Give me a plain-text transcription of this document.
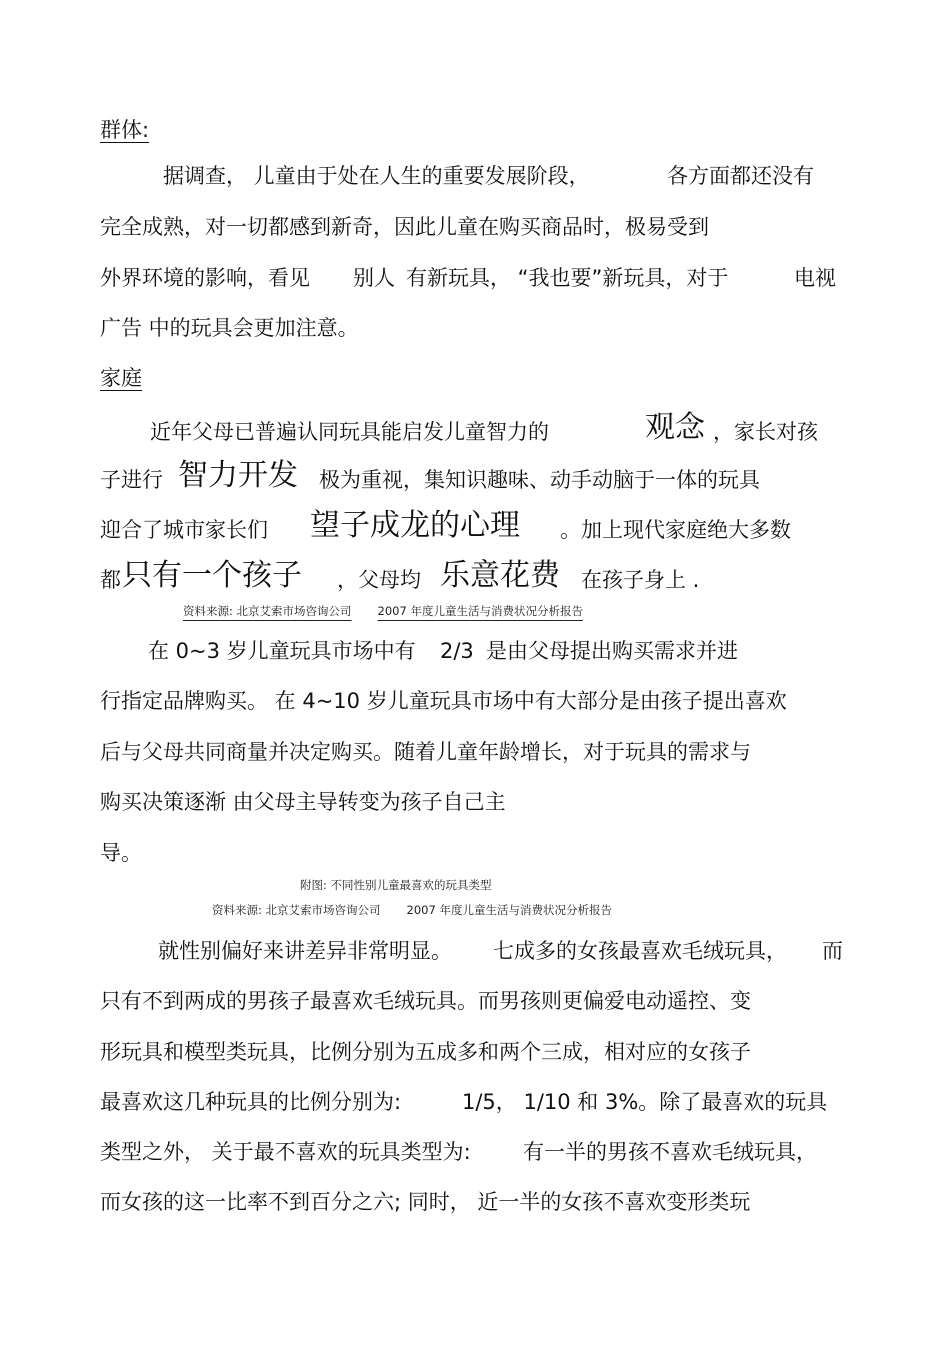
群体:
据调查， 儿童由于处在人生的重要发展阶段，	各方面都还没有
完全成熟，对一切都感到新奇，因此儿童在购买商品时，极易受到
外界环境的影响，看见 别人 有新玩具， “我也要”新玩具，对于	电视
广告 中的玩具会更加注意。
家庭
近年父母已普遍认同玩具能启发儿童智力的	观念 ，家长对孩
子进行 智力开发 极为重视，集知识趣味、动手动脑于一体的玩具
迎合了城市家长们 望子成龙的心理 。加上现代家庭绝大多数
都 只有一个孩子 ，父母均 乐意花费 在孩子身上 .
资料来源: 北京艾索市场咨询公司 2007 年度儿童生活与消费状况分析报告
在 0~3 岁儿童玩具市场中有 2/3 是由父母提出购买需求并进
行指定品牌购买。 在 4~10 岁儿童玩具市场中有大部分是由孩子提出喜欢
后与父母共同商量并决定购买。随着儿童年龄增长，对于玩具的需求与
购买决策逐渐 由父母主导转变为孩子自己主
导。
附图: 不同性别儿童最喜欢的玩具类型
资料来源: 北京艾索市场咨询公司 2007 年度儿童生活与消费状况分析报告
就性别偏好来讲差异非常明显。 七成多的女孩最喜欢毛绒玩具， 而
只有不到两成的男孩子最喜欢毛绒玩具。而男孩则更偏爱电动遥控、变
形玩具和模型类玩具，比例分别为五成多和两个三成，相对应的女孩子
最喜欢这几种玩具的比例分别为:	1/5， 1/10 和 3%。除了最喜欢的玩具
类型之外， 关于最不喜欢的玩具类型为: 有一半的男孩不喜欢毛绒玩具，
而女孩的这一比率不到百分之六; 同时， 近一半的女孩不喜欢变形类玩
